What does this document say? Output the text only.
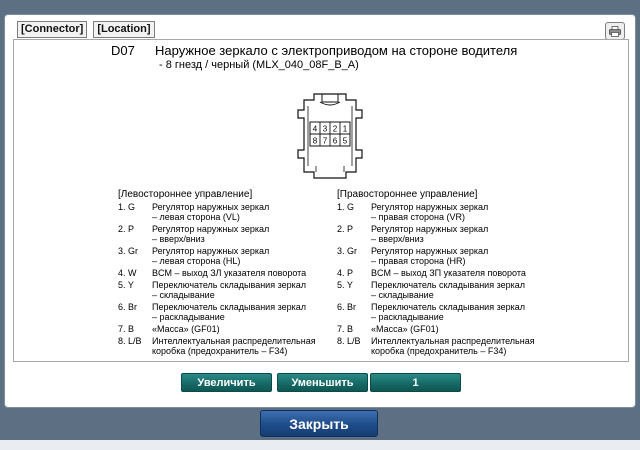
[Connector]	[Location]
D07 Наружное зеркало с электроприводом на стороне водителя
- 8 гнезд / черный (MLX_040_08F_B_A)
4 3 2 1
8 7 6 5
[Левостороннее управление]
1. G	Регулятор наружных зеркал
– левая сторона (VL)
2. P	Регулятор наружных зеркал
– вверх/вниз
3. Gr	Регулятор наружных зеркал
– левая сторона (HL)
4. W	BCM – выход ЗЛ указателя поворота
5. Y	Переключатель складывания зеркал
– складывание
6. Br	Переключатель складывания зеркал
– раскладывание
7. B	«Масса» (GF01)
8. L/B	Интеллектуальная распределительная
коробка (предохранитель – F34)
[Правостороннее управление]
1. G	Регулятор наружных зеркал
– правая сторона (VR)
2. P	Регулятор наружных зеркал
– вверх/вниз
3. Gr	Регулятор наружных зеркал
– правая сторона (HR)
4. P	BCM – выход ЗП указателя поворота
5. Y	Переключатель складывания зеркал
– складывание
6. Br	Переключатель складывания зеркал
– раскладывание
7. B	«Масса» (GF01)
8. L/B	Интеллектуальная распределительная
коробка (предохранитель – F34)
Увеличить	Уменьшить	1
Закрыть
